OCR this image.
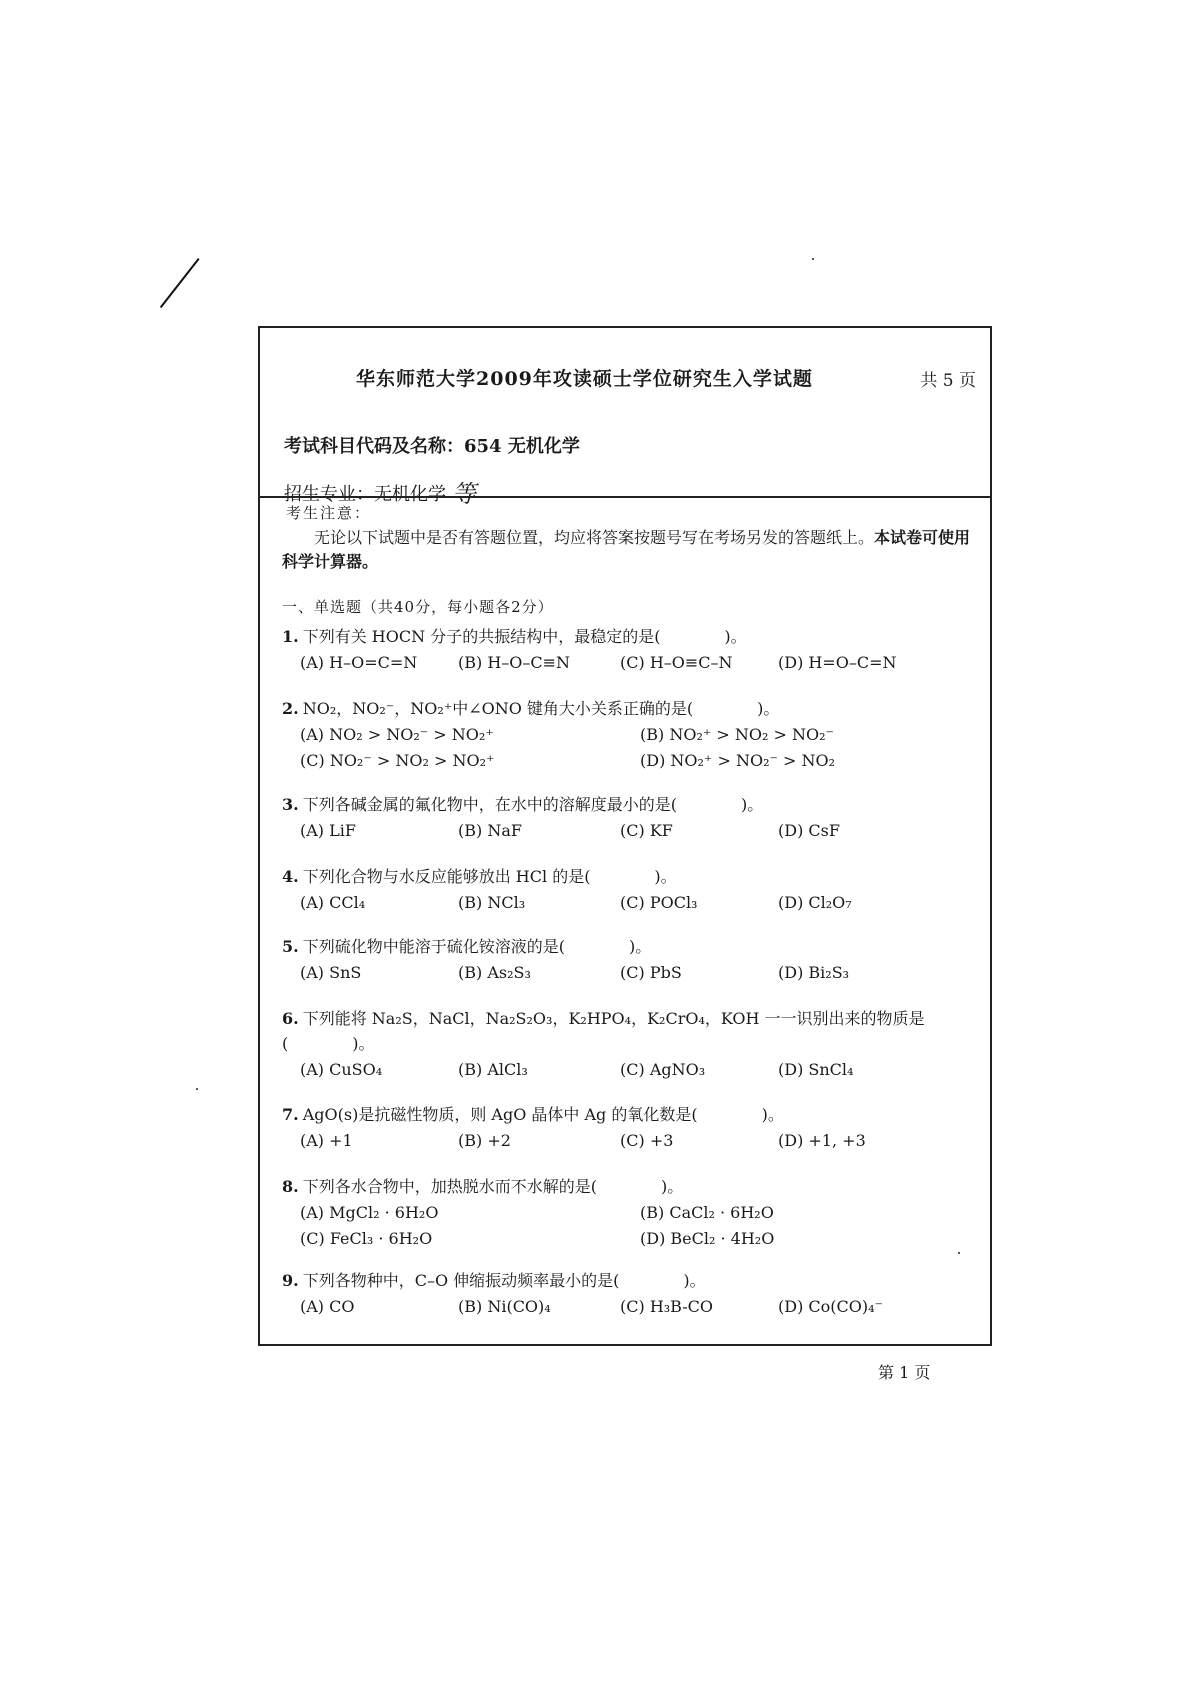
华东师范大学2009年攻读硕士学位研究生入学试题	共 5 页
考试科目代码及名称：654 无机化学
招生专业：无机化学 等
考生注意：
无论以下试题中是否有答题位置，均应将答案按题号写在考场另发的答题纸上。本试卷可使用科学计算器。
一、单选题（共40分，每小题各2分）
1. 下列有关 HOCN 分子的共振结构中，最稳定的是(　　　　)。
(A) H–O=C=N	(B) H–O–C≡N	(C) H–O≡C–N	(D) H=O–C=N
2. NO₂，NO₂⁻，NO₂⁺中∠ONO 键角大小关系正确的是(　　　　)。
(A) NO₂ > NO₂⁻ > NO₂⁺	(B) NO₂⁺ > NO₂ > NO₂⁻
(C) NO₂⁻ > NO₂ > NO₂⁺	(D) NO₂⁺ > NO₂⁻ > NO₂
3. 下列各碱金属的氟化物中，在水中的溶解度最小的是(　　　　)。
(A) LiF	(B) NaF	(C) KF	(D) CsF
4. 下列化合物与水反应能够放出 HCl 的是(　　　　)。
(A) CCl₄	(B) NCl₃	(C) POCl₃	(D) Cl₂O₇
5. 下列硫化物中能溶于硫化铵溶液的是(　　　　)。
(A) SnS	(B) As₂S₃	(C) PbS	(D) Bi₂S₃
6. 下列能将 Na₂S，NaCl，Na₂S₂O₃，K₂HPO₄，K₂CrO₄，KOH 一一识别出来的物质是
(　　　　)。
(A) CuSO₄	(B) AlCl₃	(C) AgNO₃	(D) SnCl₄
7. AgO(s)是抗磁性物质，则 AgO 晶体中 Ag 的氧化数是(　　　　)。
(A) +1	(B) +2	(C) +3	(D) +1, +3
8. 下列各水合物中，加热脱水而不水解的是(　　　　)。
(A) MgCl₂ · 6H₂O	(B) CaCl₂ · 6H₂O
(C) FeCl₃ · 6H₂O	(D) BeCl₂ · 4H₂O
9. 下列各物种中，C–O 伸缩振动频率最小的是(　　　　)。
(A) CO	(B) Ni(CO)₄	(C) H₃B-CO	(D) Co(CO)₄⁻
第 1 页
